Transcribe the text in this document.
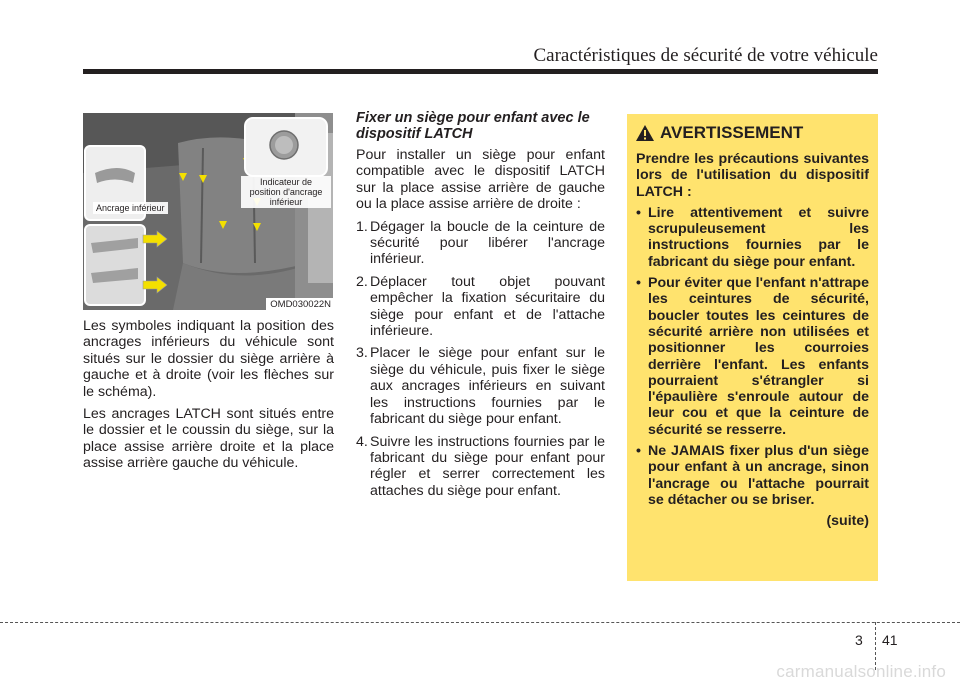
Caractéristiques de sécurité de votre véhicule
Ancrage inférieur
Indicateur de position d'ancrage inférieur
OMD030022N

Les symboles indiquant la position des ancrages inférieurs du véhicule sont situés sur le dossier du siège arrière à gauche et à droite (voir les flèches sur le schéma).

Les ancrages LATCH sont situés entre le dossier et le coussin du siège, sur la place assise arrière droite et la place assise arrière gauche du véhicule.

Fixer un siège pour enfant avec le dispositif LATCH

Pour installer un siège pour enfant compatible avec le dispositif LATCH sur la place assise arrière de gauche ou la place assise arrière de droite :

1. Dégager la boucle de la ceinture de sécurité pour libérer l'ancrage inférieur.
2. Déplacer tout objet pouvant empêcher la fixation sécuritaire du siège pour enfant et de l'attache inférieure.
3. Placer le siège pour enfant sur le siège du véhicule, puis fixer le siège aux ancrages inférieurs en suivant les instructions fournies par le fabricant du siège pour enfant.
4. Suivre les instructions fournies par le fabricant du siège pour enfant pour régler et serrer correctement les attaches du siège pour enfant.
AVERTISSEMENT

Prendre les précautions suivantes lors de l'utilisation du dispositif LATCH :

• Lire attentivement et suivre scrupuleusement les instructions fournies par le fabricant du siège pour enfant.
• Pour éviter que l'enfant n'attrape les ceintures de sécurité, boucler toutes les ceintures de sécurité arrière non utilisées et positionner les courroies derrière l'enfant. Les enfants pourraient s'étrangler si l'épaulière s'enroule autour de leur cou et que la ceinture de sécurité se resserre.
• Ne JAMAIS fixer plus d'un siège pour enfant à un ancrage, sinon l'ancrage ou l'attache pourrait se détacher ou se briser.
(suite)
3 41
carmanualsonline.info
